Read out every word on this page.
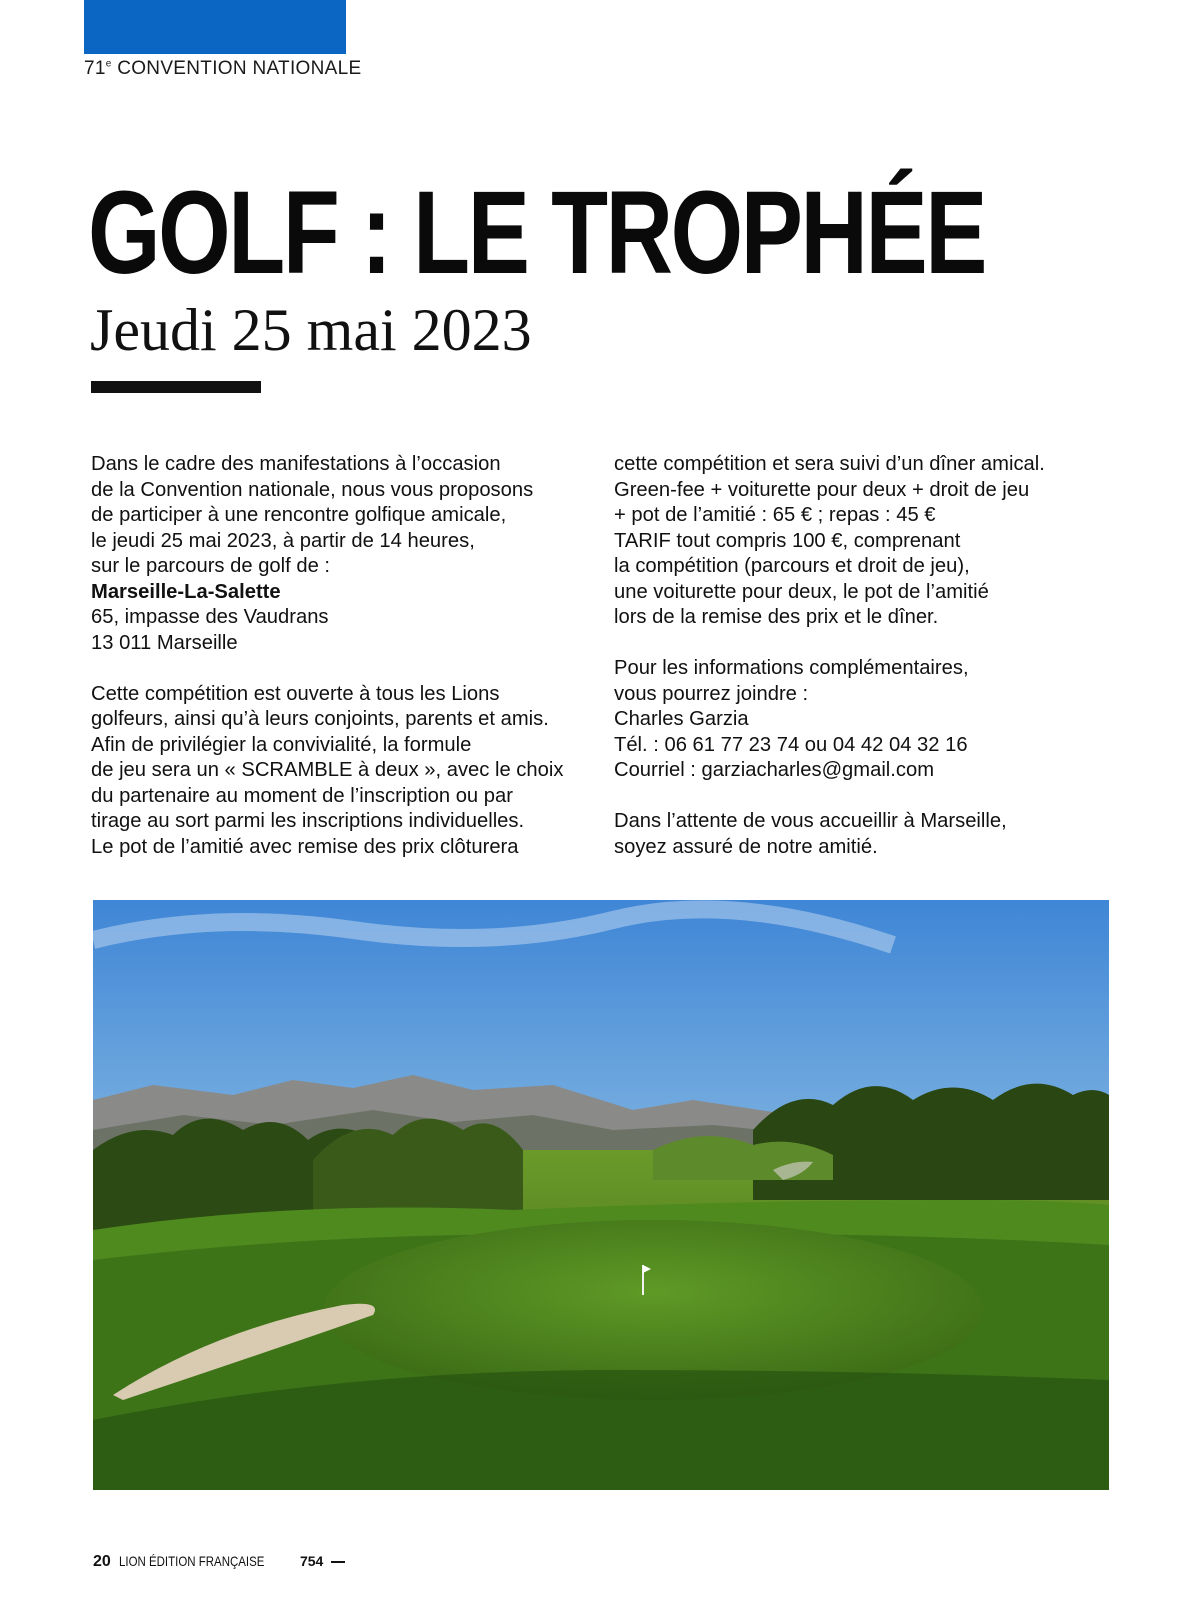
71e CONVENTION NATIONALE
GOLF : LE TROPHÉE
Jeudi 25 mai 2023

Dans le cadre des manifestations à l’occasion
de la Convention nationale, nous vous proposons
de participer à une rencontre golfique amicale,
le jeudi 25 mai 2023, à partir de 14 heures,
sur le parcours de golf de :
Marseille-La-Salette
65, impasse des Vaudrans
13 011 Marseille

Cette compétition est ouverte à tous les Lions
golfeurs, ainsi qu’à leurs conjoints, parents et amis.
Afin de privilégier la convivialité, la formule
de jeu sera un « SCRAMBLE à deux », avec le choix
du partenaire au moment de l’inscription ou par
tirage au sort parmi les inscriptions individuelles.
Le pot de l’amitié avec remise des prix clôturera

cette compétition et sera suivi d’un dîner amical.
Green-fee + voiturette pour deux + droit de jeu
+ pot de l’amitié : 65 € ; repas : 45 €
TARIF tout compris 100 €, comprenant
la compétition (parcours et droit de jeu),
une voiturette pour deux, le pot de l’amitié
lors de la remise des prix et le dîner.

Pour les informations complémentaires,
vous pourrez joindre :
Charles Garzia
Tél. : 06 61 77 23 74 ou 04 42 04 32 16
Courriel : garziacharles@gmail.com

Dans l’attente de vous accueillir à Marseille,
soyez assuré de notre amitié.

20 LION ÉDITION FRANÇAISE	754
